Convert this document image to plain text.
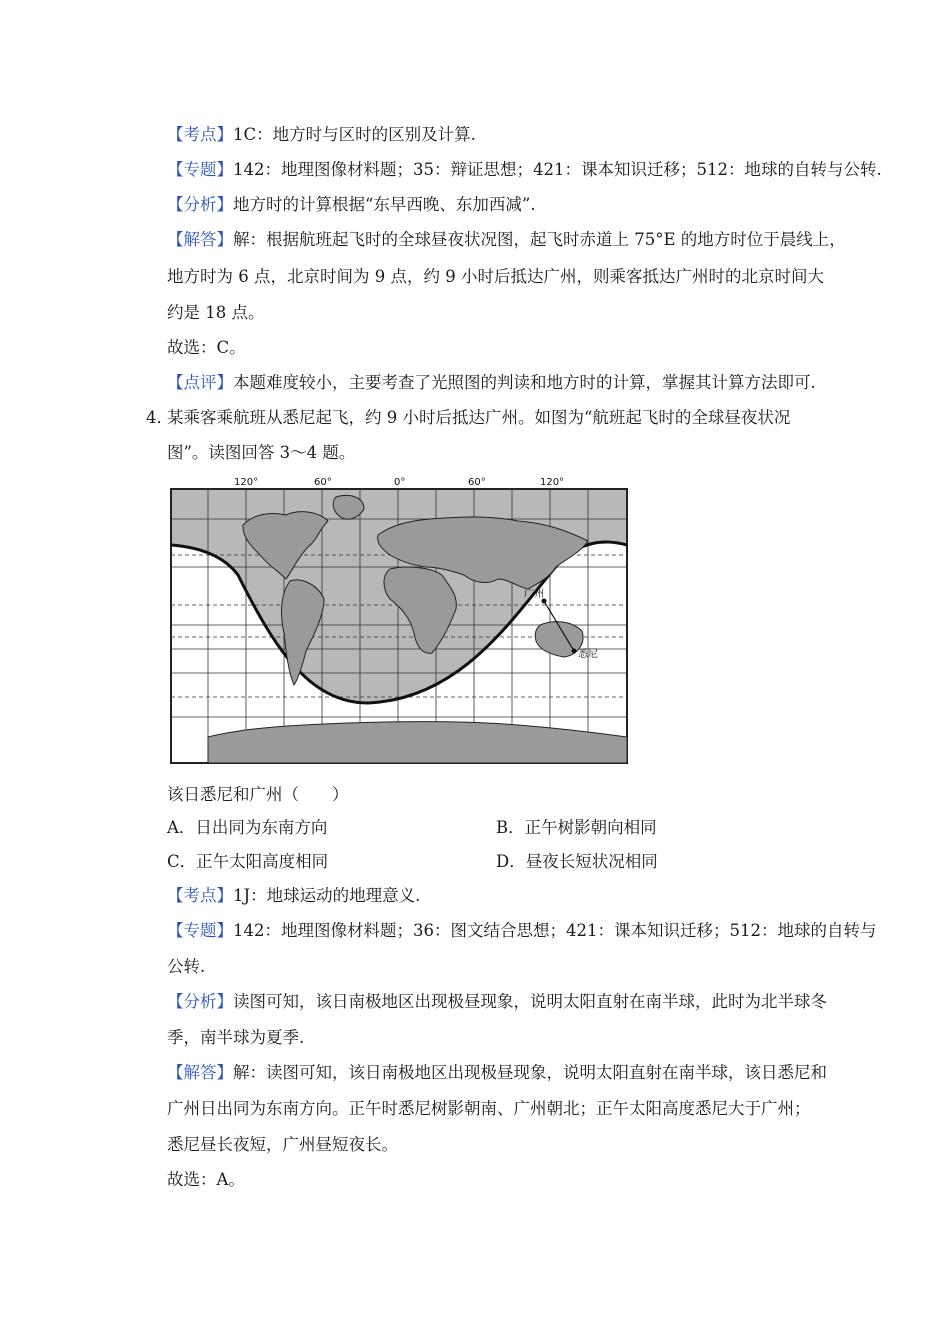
【考点】1C：地方时与区时的区别及计算.
【专题】142：地理图像材料题；35：辩证思想；421：课本知识迁移；512：地球的自转与公转.
【分析】地方时的计算根据“东早西晚、东加西减”.
【解答】解：根据航班起飞时的全球昼夜状况图，起飞时赤道上 75°E 的地方时位于晨线上，
地方时为 6 点，北京时间为 9 点，约 9 小时后抵达广州，则乘客抵达广州时的北京时间大
约是 18 点。
故选：C。
【点评】本题难度较小，主要考查了光照图的判读和地方时的计算，掌握其计算方法即可.
4．
某乘客乘航班从悉尼起飞，约 9 小时后抵达广州。如图为“航班起飞时的全球昼夜状况
图”。读图回答 3～4 题。
120°	60°	0°	60°	120°
广州
悉尼
该日悉尼和广州（　　）
A．日出同为东南方向	B．正午树影朝向相同
C．正午太阳高度相同	D．昼夜长短状况相同
【考点】1J：地球运动的地理意义.
【专题】142：地理图像材料题；36：图文结合思想；421：课本知识迁移；512：地球的自转与
公转.
【分析】读图可知，该日南极地区出现极昼现象，说明太阳直射在南半球，此时为北半球冬
季，南半球为夏季.
【解答】解：读图可知，该日南极地区出现极昼现象，说明太阳直射在南半球，该日悉尼和
广州日出同为东南方向。正午时悉尼树影朝南、广州朝北；正午太阳高度悉尼大于广州；
悉尼昼长夜短，广州昼短夜长。
故选：A。
